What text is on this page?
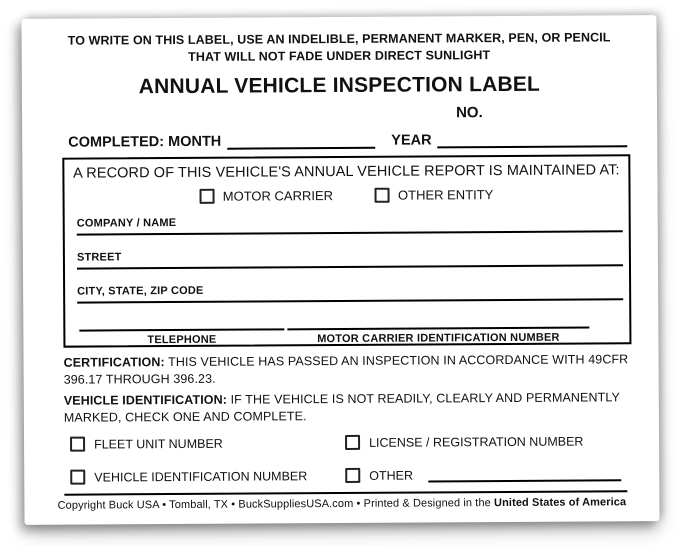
TO WRITE ON THIS LABEL, USE AN INDELIBLE, PERMANENT MARKER, PEN, OR PENCIL
THAT WILL NOT FADE UNDER DIRECT SUNLIGHT
ANNUAL VEHICLE INSPECTION LABEL
NO.
COMPLETED: MONTH	YEAR
A RECORD OF THIS VEHICLE'S ANNUAL VEHICLE REPORT IS MAINTAINED AT:
MOTOR CARRIER	OTHER ENTITY
COMPANY / NAME
STREET
CITY, STATE, ZIP CODE
TELEPHONE	MOTOR CARRIER IDENTIFICATION NUMBER
CERTIFICATION: THIS VEHICLE HAS PASSED AN INSPECTION IN ACCORDANCE WITH 49CFR 396.17 THROUGH 396.23.
VEHICLE IDENTIFICATION: IF THE VEHICLE IS NOT READILY, CLEARLY AND PERMANENTLY MARKED, CHECK ONE AND COMPLETE.
FLEET UNIT NUMBER	LICENSE / REGISTRATION NUMBER
VEHICLE IDENTIFICATION NUMBER	OTHER
Copyright Buck USA • Tomball, TX • BuckSuppliesUSA.com • Printed & Designed in the United States of America
